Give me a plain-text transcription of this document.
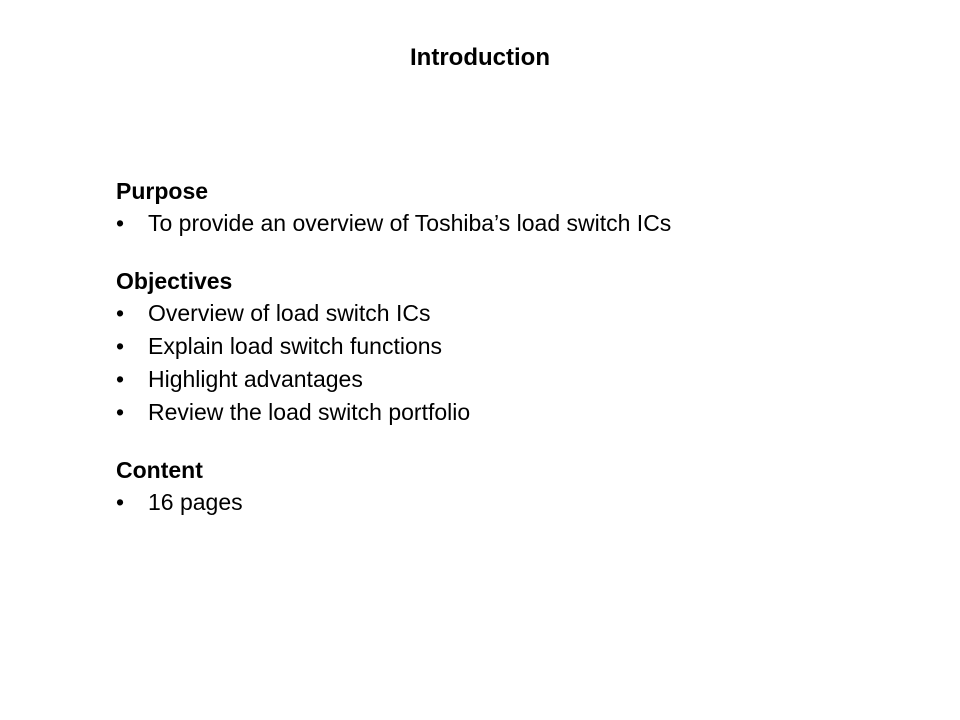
Introduction

Purpose

•	To provide an overview of Toshiba’s load switch ICs

Objectives

•	Overview of load switch ICs
•	Explain load switch functions
•	Highlight advantages
•	Review the load switch portfolio

Content

•	16 pages
